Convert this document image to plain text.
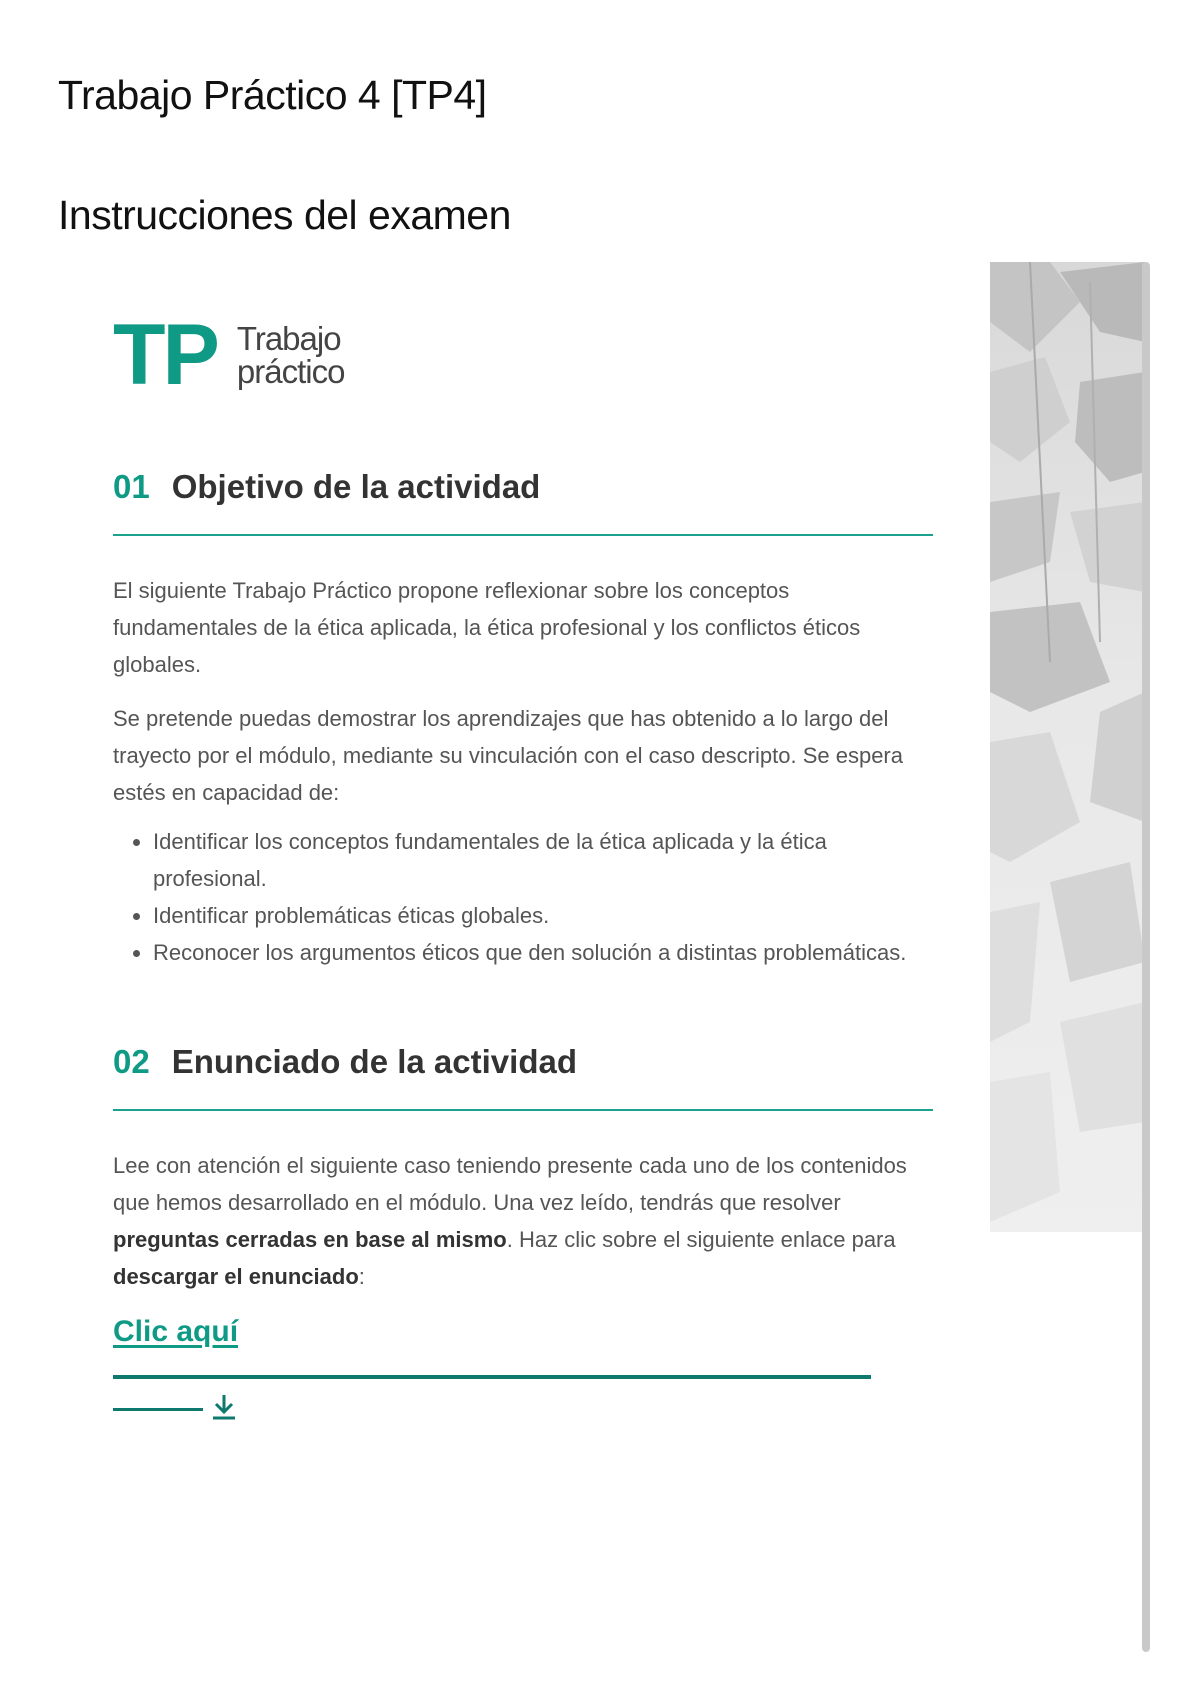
Trabajo Práctico 4 [TP4]
Instrucciones del examen
TP Trabajo
práctico
01 Objetivo de la actividad

El siguiente Trabajo Práctico propone reflexionar sobre los conceptos fundamentales de la ética aplicada, la ética profesional y los conflictos éticos globales.

Se pretende puedas demostrar los aprendizajes que has obtenido a lo largo del trayecto por el módulo, mediante su vinculación con el caso descripto. Se espera estés en capacidad de:

• Identificar los conceptos fundamentales de la ética aplicada y la ética profesional.
• Identificar problemáticas éticas globales.
• Reconocer los argumentos éticos que den solución a distintas problemáticas.
02 Enunciado de la actividad

Lee con atención el siguiente caso teniendo presente cada uno de los contenidos que hemos desarrollado en el módulo. Una vez leído, tendrás que resolver preguntas cerradas en base al mismo. Haz clic sobre el siguiente enlace para descargar el enunciado:

Clic aquí
